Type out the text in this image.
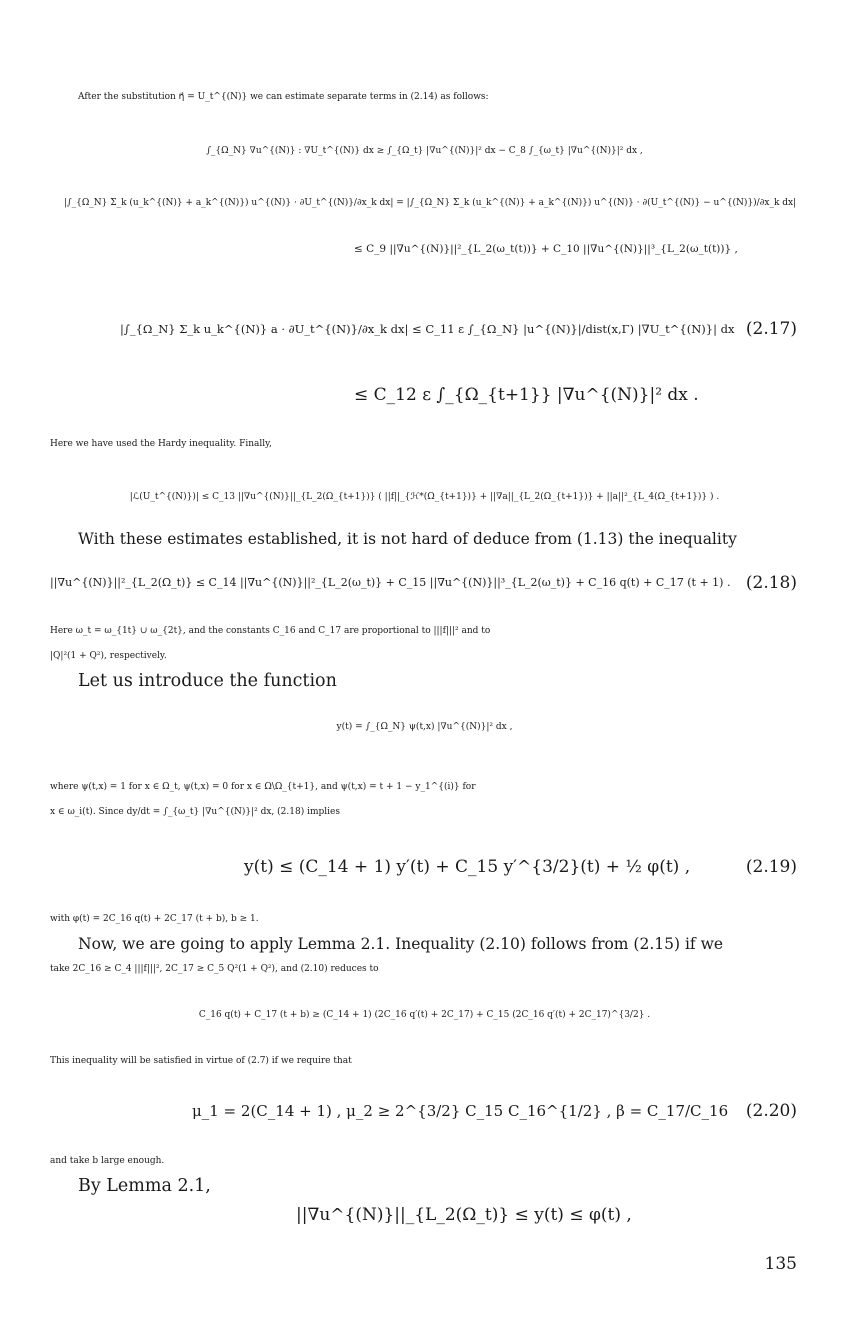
After the substitution η⃗ = U_t^{(N)} we can estimate separate terms in (2.14) as follows:
∫_{Ω_N} ∇u^{(N)} : ∇U_t^{(N)} dx ≥ ∫_{Ω_t} |∇u^{(N)}|² dx − C_8 ∫_{ω_t} |∇u^{(N)}|² dx ,
|∫_{Ω_N} Σ_k (u_k^{(N)} + a_k^{(N)}) u^{(N)} · ∂U_t^{(N)}/∂x_k dx| = |∫_{Ω_N} Σ_k (u_k^{(N)} + a_k^{(N)}) u^{(N)} · ∂(U_t^{(N)} − u^{(N)})/∂x_k dx|
≤ C_9 ||∇u^{(N)}||²_{L_2(ω_t(t))} + C_10 ||∇u^{(N)}||³_{L_2(ω_t(t))} ,
|∫_{Ω_N} Σ_k u_k^{(N)} a · ∂U_t^{(N)}/∂x_k dx| ≤ C_11 ε ∫_{Ω_N} |u^{(N)}|/dist(x,Γ) |∇U_t^{(N)}| dx (2.17)
≤ C_12 ε ∫_{Ω_{t+1}} |∇u^{(N)}|² dx .
Here we have used the Hardy inequality. Finally,
|ℒ(U_t^{(N)})| ≤ C_13 ||∇u^{(N)}||_{L_2(Ω_{t+1})} ( ||f||_{ℋ*(Ω_{t+1})} + ||∇a||_{L_2(Ω_{t+1})} + ||a||²_{L_4(Ω_{t+1})} ) .
With these estimates established, it is not hard of deduce from (1.13) the inequality
||∇u^{(N)}||²_{L_2(Ω_t)} ≤ C_14 ||∇u^{(N)}||²_{L_2(ω_t)} + C_15 ||∇u^{(N)}||³_{L_2(ω_t)} + C_16 q(t) + C_17 (t + 1) . (2.18)
Here ω_t = ω_{1t} ∪ ω_{2t}, and the constants C_16 and C_17 are proportional to |||f|||² and to
|Q|²(1 + Q²), respectively.
Let us introduce the function
y(t) = ∫_{Ω_N} ψ(t,x) |∇u^{(N)}|² dx ,
where ψ(t,x) = 1 for x ∈ Ω_t, ψ(t,x) = 0 for x ∈ Ω\Ω_{t+1}, and ψ(t,x) = t + 1 − y_1^{(i)} for
x ∈ ω_i(t). Since dy/dt = ∫_{ω_t} |∇u^{(N)}|² dx, (2.18) implies
y(t) ≤ (C_14 + 1) y′(t) + C_15 y′^{3/2}(t) + ½ φ(t) ,	(2.19)
with φ(t) = 2C_16 q(t) + 2C_17 (t + b), b ≥ 1.
Now, we are going to apply Lemma 2.1. Inequality (2.10) follows from (2.15) if we
take 2C_16 ≥ C_4 |||f|||², 2C_17 ≥ C_5 Q²(1 + Q²), and (2.10) reduces to
C_16 q(t) + C_17 (t + b) ≥ (C_14 + 1) (2C_16 q′(t) + 2C_17) + C_15 (2C_16 q′(t) + 2C_17)^{3/2} .
This inequality will be satisfied in virtue of (2.7) if we require that
μ_1 = 2(C_14 + 1) , μ_2 ≥ 2^{3/2} C_15 C_16^{1/2} , β = C_17/C_16 (2.20)
and take b large enough.
By Lemma 2.1,
||∇u^{(N)}||_{L_2(Ω_t)} ≤ y(t) ≤ φ(t) ,
135
